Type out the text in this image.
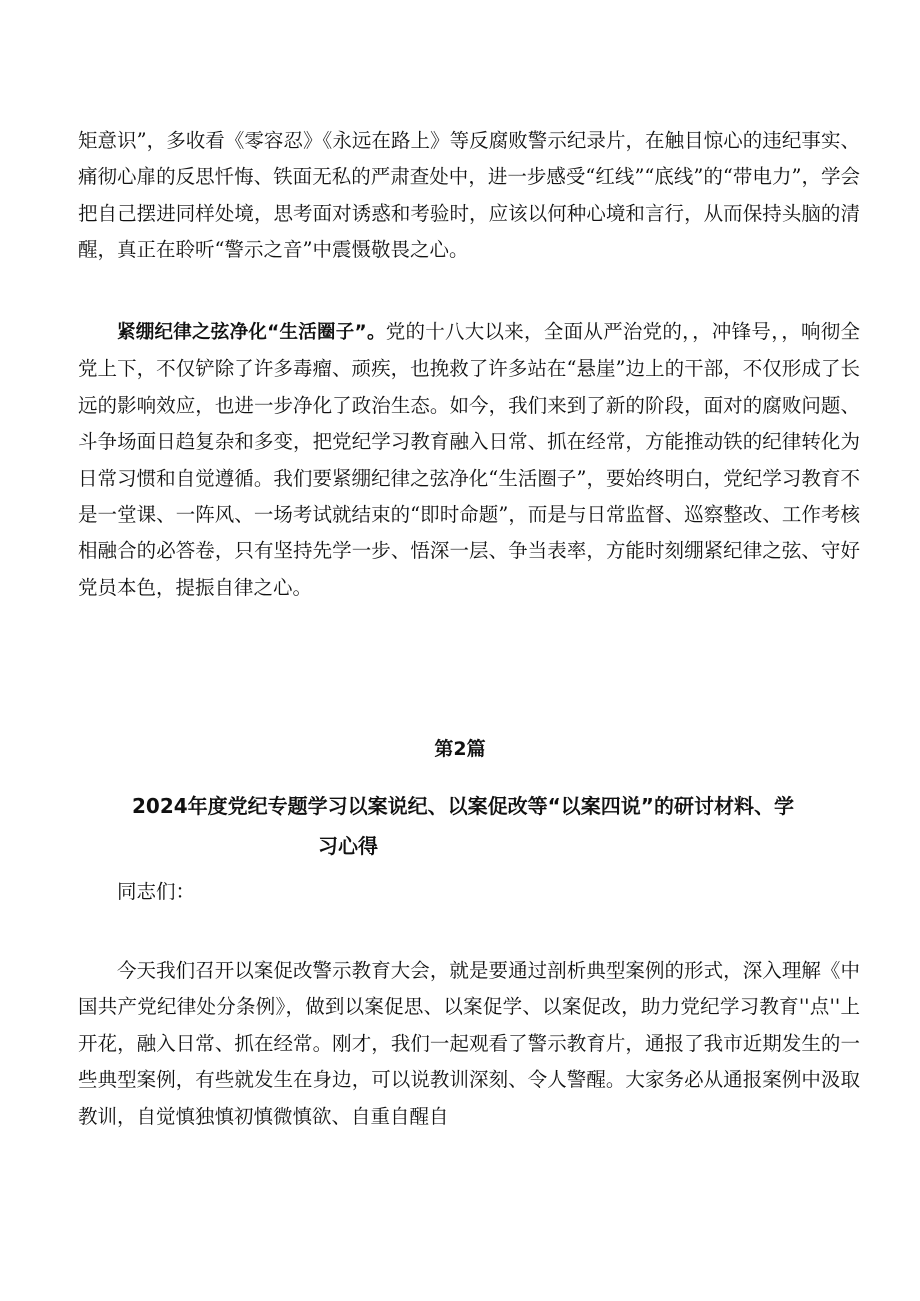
矩意识”，多收看《零容忍》《永远在路上》等反腐败警示纪录片，在触目惊心的违纪事实、痛彻心扉的反思忏悔、铁面无私的严肃查处中，进一步感受“红线”“底线”的“带电力”，学会把自己摆进同样处境，思考面对诱惑和考验时，应该以何种心境和言行，从而保持头脑的清醒，真正在聆听“警示之音”中震慑敬畏之心。

紧绷纪律之弦净化“生活圈子”。党的十八大以来，全面从严治党的，，冲锋号，，响彻全党上下，不仅铲除了许多毒瘤、顽疾，也挽救了许多站在“悬崖”边上的干部，不仅形成了长远的影响效应，也进一步净化了政治生态。如今，我们来到了新的阶段，面对的腐败问题、斗争场面日趋复杂和多变，把党纪学习教育融入日常、抓在经常，方能推动铁的纪律转化为日常习惯和自觉遵循。我们要紧绷纪律之弦净化“生活圈子”，要始终明白，党纪学习教育不是一堂课、一阵风、一场考试就结束的“即时命题”，而是与日常监督、巡察整改、工作考核相融合的必答卷，只有坚持先学一步、悟深一层、争当表率，方能时刻绷紧纪律之弦、守好党员本色，提振自律之心。

第2篇

2024年度党纪专题学习以案说纪、以案促改等“以案四说”的研讨材料、学
习心得

同志们：

今天我们召开以案促改警示教育大会，就是要通过剖析典型案例的形式，深入理解《中国共产党纪律处分条例》，做到以案促思、以案促学、以案促改，助力党纪学习教育''点''上开花，融入日常、抓在经常。刚才，我们一起观看了警示教育片，通报了我市近期发生的一些典型案例，有些就发生在身边，可以说教训深刻、令人警醒。大家务必从通报案例中汲取教训，自觉慎独慎初慎微慎欲、自重自醒自
